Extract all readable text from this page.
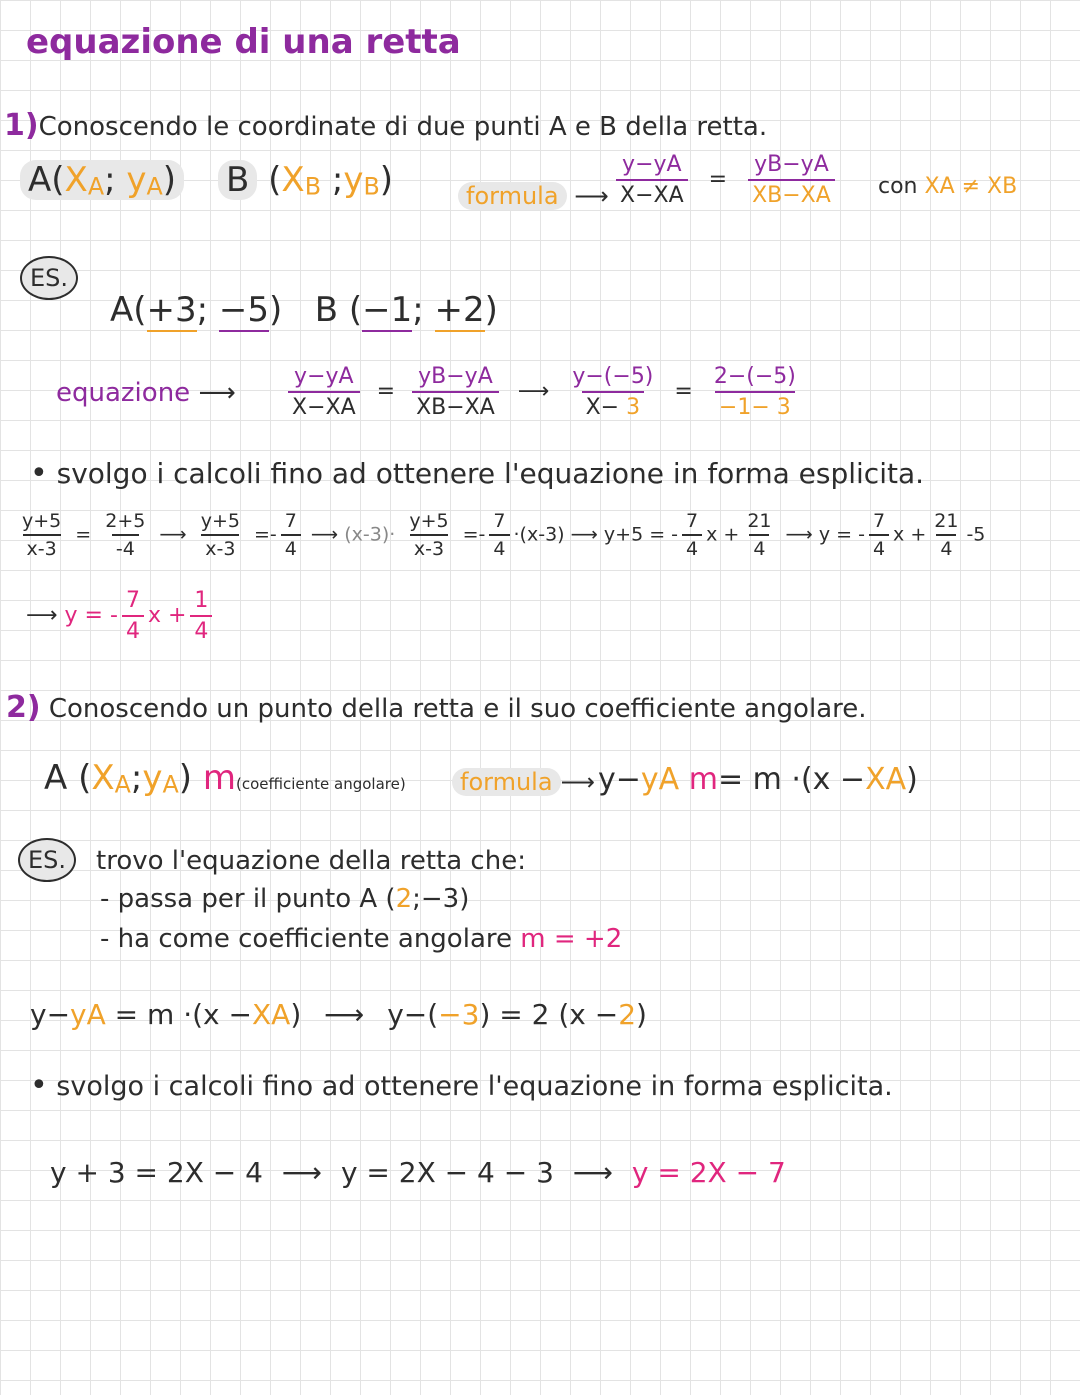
equazione di una retta
1)Conoscendo le coordinate di due punti A e B della retta.
A(XA; yA) B (XB ;yB)	formula ⟶ $\frac{y-yA}{X-XA} = \frac{yB-yA}{XB-XA}$ con XA ≠ XB
ES.
A(+3; −5)   B (−1; +2)
equazione ⟶ $\frac{y-yA}{X-XA} = \frac{yB-yA}{XB-XA}$ ⟶ $\frac{y-(-5)}{X- 3} = \frac{2-(-5)}{-1- 3}$
• svolgo i calcoli fino ad ottenere l'equazione in forma esplicita.
$\frac{y+5}{x-3} = \frac{2+5}{-4}$ ⟶ $\frac{y+5}{x-3} =- \frac{7}{4}$ ⟶ $(x-3)\cdot \frac{y+5}{x-3} =- \frac{7}{4} \cdot(x-3)$ ⟶ y+5 = - $\frac{7}{4}$ $x + \frac{21}{4}$ ⟶ y = - $\frac{7}{4}$ $x + \frac{21}{4} -5$
⟶ y = - $\frac{7}{4}$ $x + \frac{1}{4}$
2) Conoscendo un punto della retta e il suo coefficiente angolare.
A (XA;yA) m(coefficiente angolare)	formula ⟶ y−yA m= m ·(x −XA)
ES.	trovo l'equazione della retta che:
- passa per il punto A (2;−3)
- ha come coefficiente angolare m = +2
y−yA = m ·(x −XA) ⟶ y−(−3) = 2 (x −2)
• svolgo i calcoli fino ad ottenere l'equazione in forma esplicita.
y + 3 = 2X − 4 ⟶ y = 2X − 4 − 3 ⟶ y = 2X − 7
